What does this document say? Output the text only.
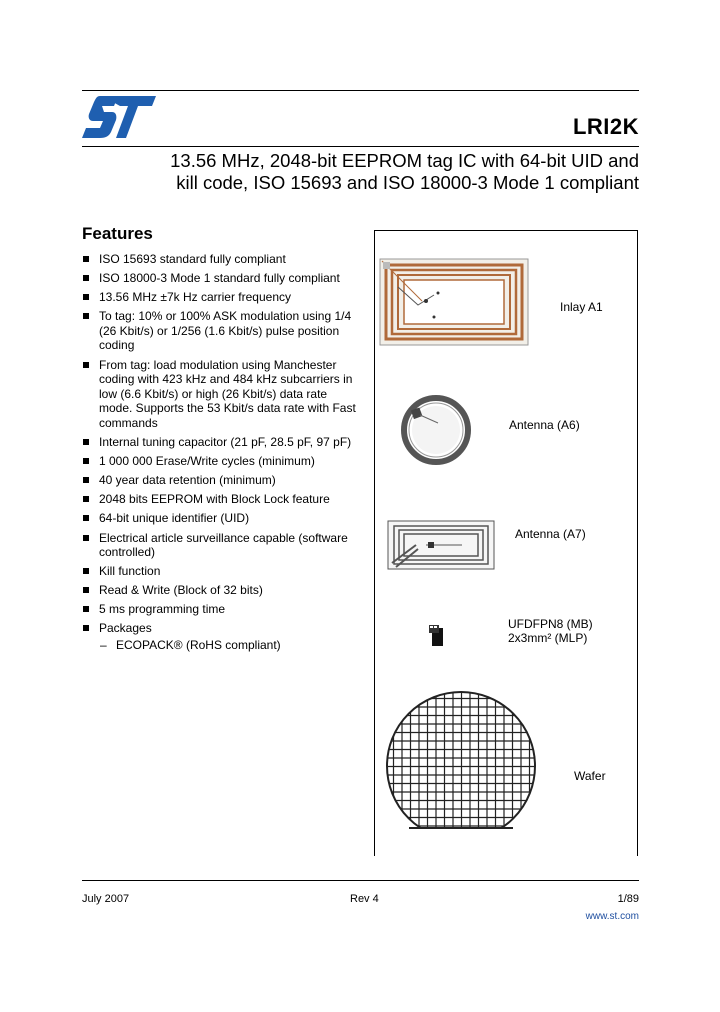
LRI2K
13.56 MHz, 2048-bit EEPROM tag IC with 64-bit UID and
kill code, ISO 15693 and ISO 18000-3 Mode 1 compliant
Features
ISO 15693 standard fully compliant
ISO 18000-3 Mode 1 standard fully compliant
13.56 MHz ±7k Hz carrier frequency
To tag: 10% or 100% ASK modulation using 1/4 (26 Kbit/s) or 1/256 (1.6 Kbit/s) pulse position coding
From tag: load modulation using Manchester coding with 423 kHz and 484 kHz subcarriers in low (6.6 Kbit/s) or high (26 Kbit/s) data rate mode. Supports the 53 Kbit/s data rate with Fast commands
Internal tuning capacitor (21 pF, 28.5 pF, 97 pF)
1 000 000 Erase/Write cycles (minimum)
40 year data retention (minimum)
2048 bits EEPROM with Block Lock feature
64-bit unique identifier (UID)
Electrical article surveillance capable (software controlled)
Kill function
Read & Write (Block of 32 bits)
5 ms programming time
Packages
– ECOPACK® (RoHS compliant)
Inlay A1
Antenna (A6)
Antenna (A7)
UFDFPN8 (MB)
2x3mm² (MLP)
Wafer
July 2007	Rev 4	1/89
www.st.com
